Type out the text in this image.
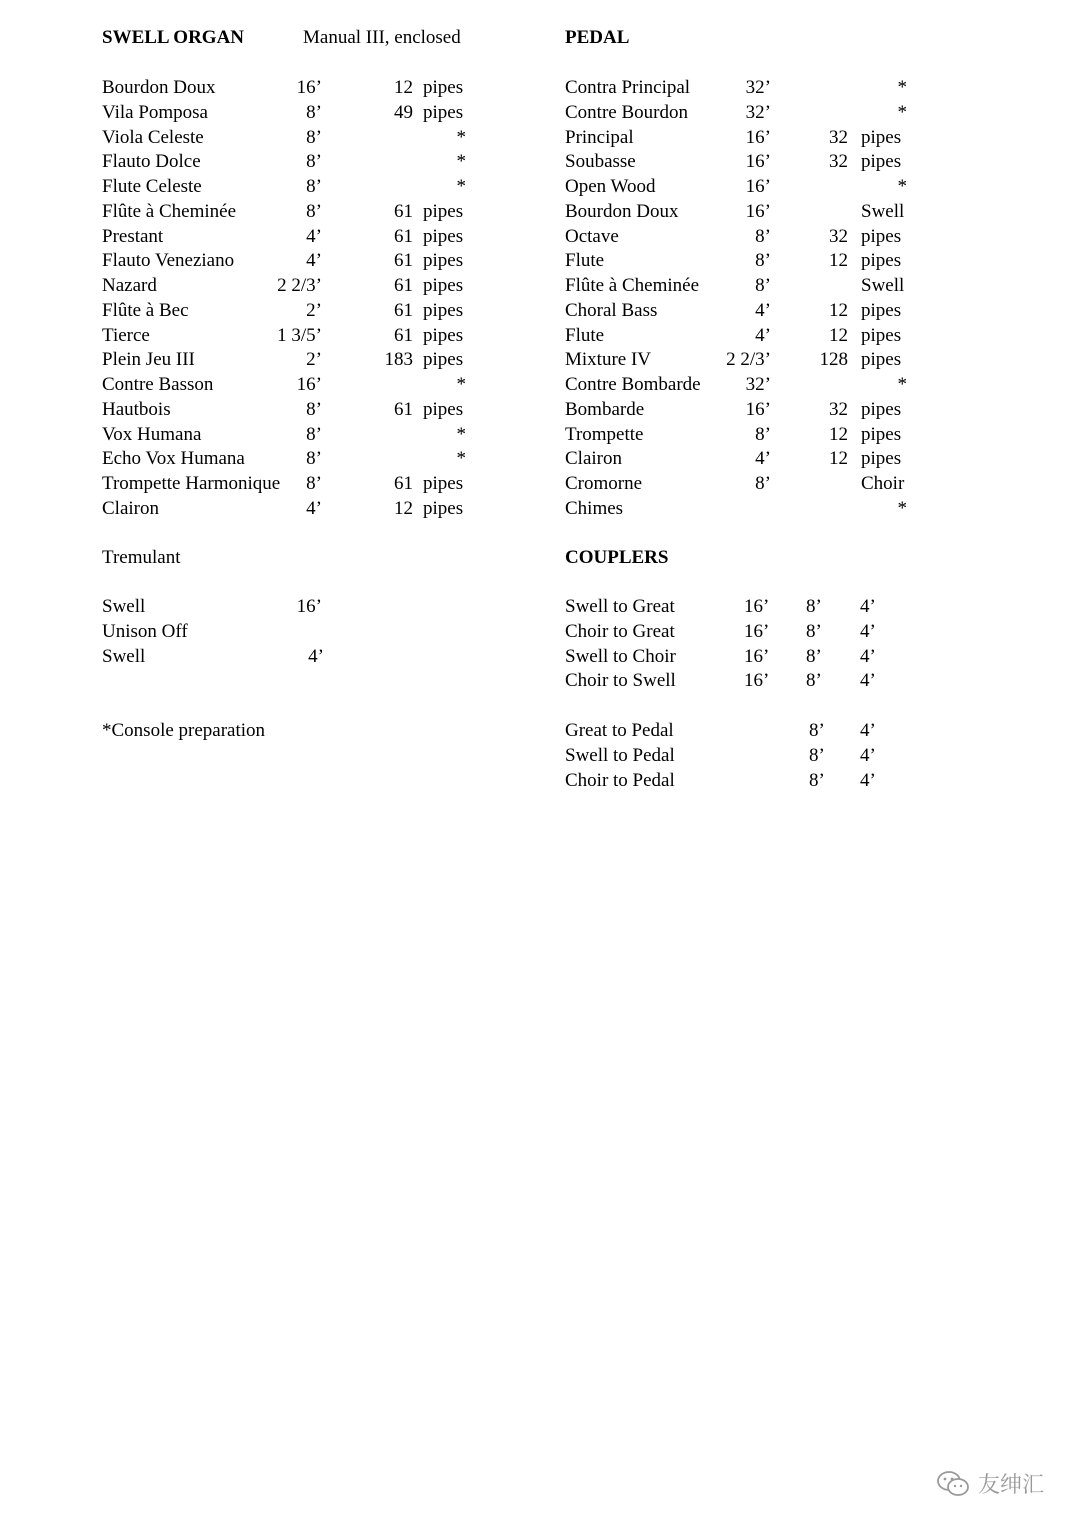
SWELL ORGAN	Manual III, enclosed	PEDAL
Bourdon Doux	16’	12 pipes
Vila Pomposa	8’	49 pipes
Viola Celeste	8’	*
Flauto Dolce	8’	*
Flute Celeste	8’	*
Flûte à Cheminée	8’	61 pipes
Prestant	4’	61 pipes
Flauto Veneziano	4’	61 pipes
Nazard	2 2/3’	61 pipes
Flûte à Bec	2’	61 pipes
Tierce	1 3/5’	61 pipes
Plein Jeu III	2’	183 pipes
Contre Basson	16’	*
Hautbois	8’	61 pipes
Vox Humana	8’	*
Echo Vox Humana	8’	*
Trompette Harmonique	8’	61 pipes
Clairon	4’	12 pipes
Contra Principal	32’	*
Contre Bourdon	32’	*
Principal	16’	32 pipes
Soubasse	16’	32 pipes
Open Wood	16’	*
Bourdon Doux	16’	Swell
Octave	8’	32 pipes
Flute	8’	12 pipes
Flûte à Cheminée	8’	Swell
Choral Bass	4’	12 pipes
Flute	4’	12 pipes
Mixture IV	2 2/3’	128 pipes
Contre Bombarde	32’	*
Bombarde	16’	32 pipes
Trompette	8’	12 pipes
Clairon	4’	12 pipes
Cromorne	8’	Choir
Chimes	*
Tremulant	COUPLERS
Swell	16’
Unison Off
Swell	4’
Swell to Great	16’ 8’ 4’
Choir to Great	16’ 8’ 4’
Swell to Choir	16’ 8’ 4’
Choir to Swell	16’ 8’ 4’
Great to Pedal	8’ 4’
Swell to Pedal	8’ 4’
Choir to Pedal	8’ 4’
*Console preparation
友绅汇
